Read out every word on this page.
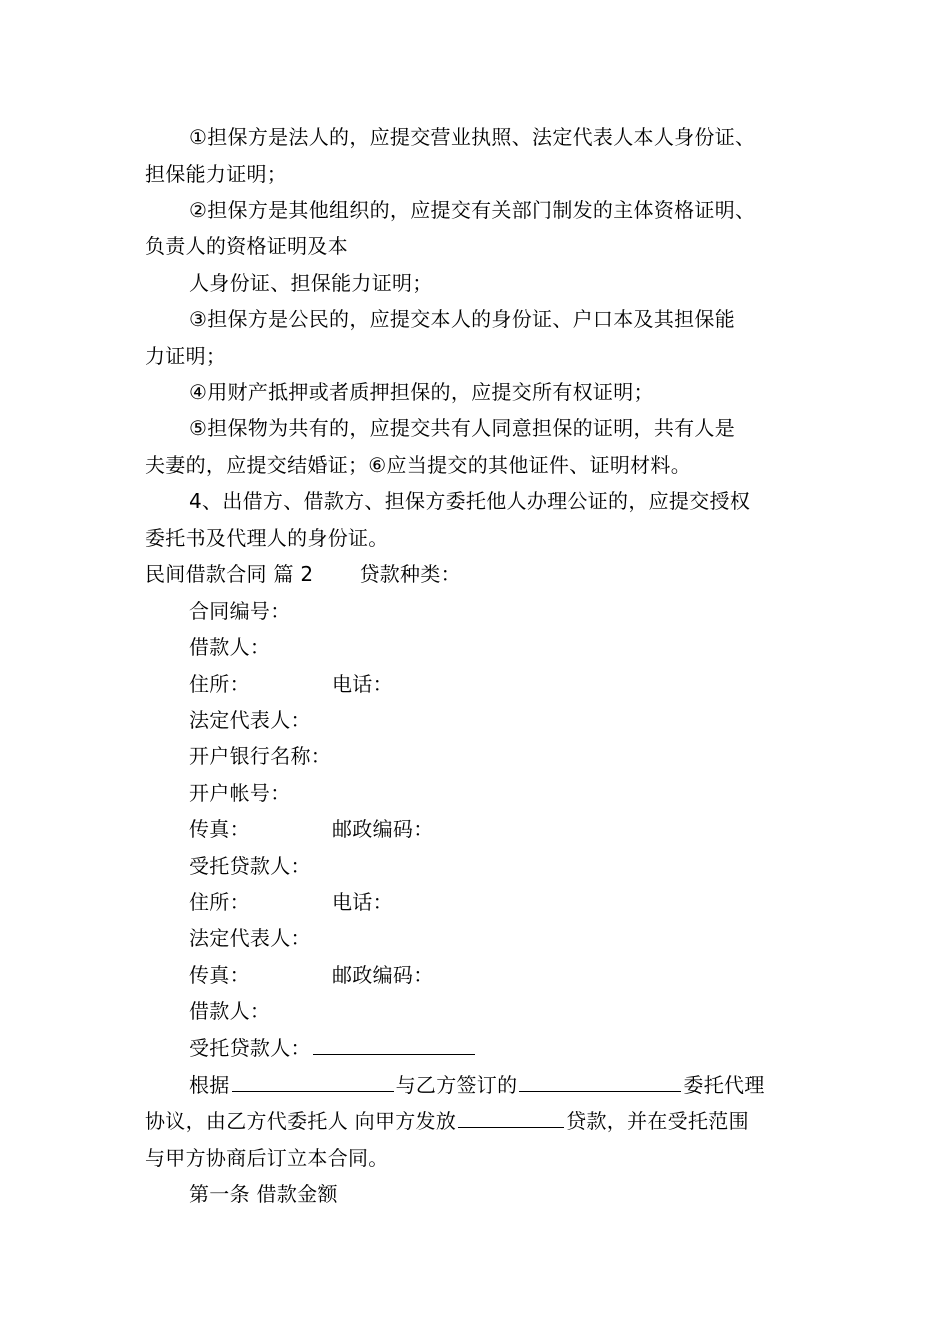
①担保方是法人的，应提交营业执照、法定代表人本人身份证、
担保能力证明；
②担保方是其他组织的，应提交有关部门制发的主体资格证明、
负责人的资格证明及本
人身份证、担保能力证明；
③担保方是公民的，应提交本人的身份证、户口本及其担保能
力证明；
④用财产抵押或者质押担保的，应提交所有权证明；
⑤担保物为共有的，应提交共有人同意担保的证明，共有人是
夫妻的，应提交结婚证；⑥应当提交的其他证件、证明材料。
4、出借方、借款方、担保方委托他人办理公证的，应提交授权
委托书及代理人的身份证。
民间借款合同 篇 2 贷款种类：
合同编号：
借款人：
住所：	电话：
法定代表人：
开户银行名称：
开户帐号：
传真：	邮政编码：
受托贷款人：
住所：	电话：
法定代表人：
传真：	邮政编码：
借款人：
受托贷款人：
根据	与乙方签订的	委托代理
协议，由乙方代委托人 向甲方发放	贷款，并在受托范围
与甲方协商后订立本合同。
第一条 借款金额
